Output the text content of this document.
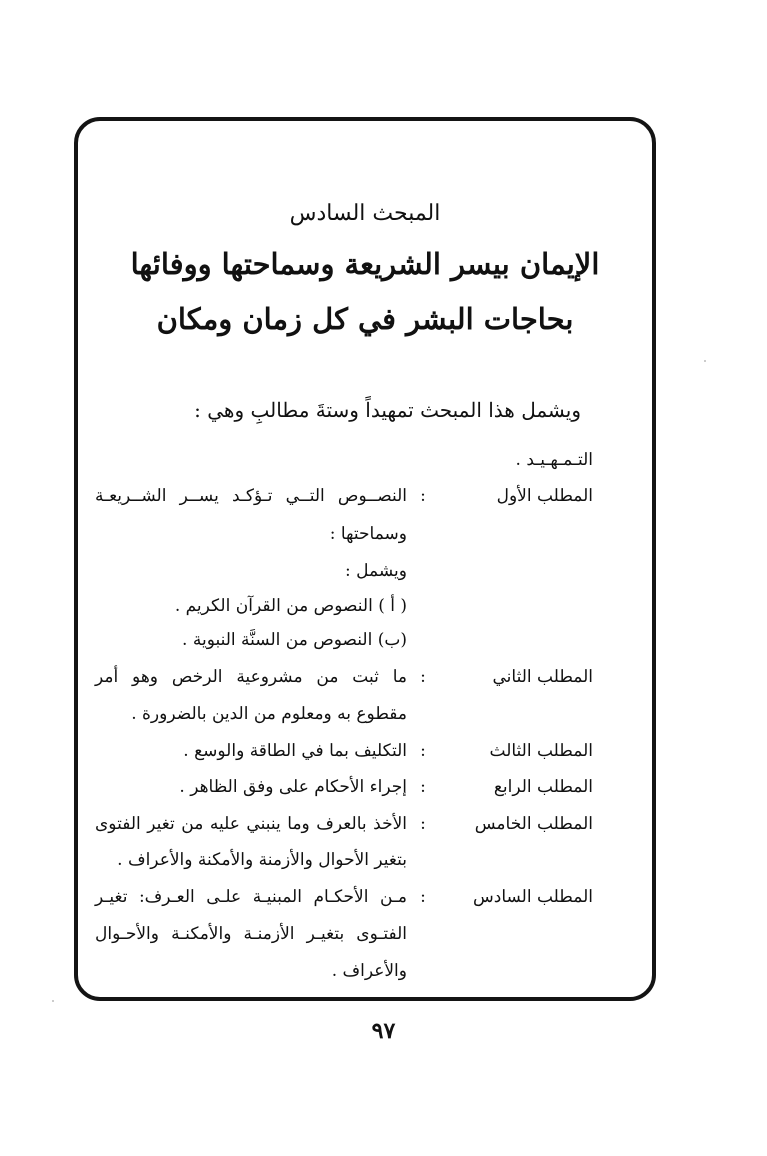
المبحث السادس
الإيمان بيسر الشريعة وسماحتها ووفائها
بحاجات البشر في كل زمان ومكان
ويشمل هذا المبحث تمهيداً وستةَ مطالبِ وهي :
التـمـهـيـد .
المطلب الأول
:
النصــوص التــي تـؤكـد يســر الشــريعـة
وسماحتها :
ويشمل :
( أ ) النصوص من القرآن الكريم .
(ب) النصوص من السنَّة النبوية .
المطلب الثاني
:
ما ثبت من مشروعية الرخص وهو أمر
مقطوع به ومعلوم من الدين بالضرورة .
المطلب الثالث
:
التكليف بما في الطاقة والوسع .
المطلب الرابع
:
إجراء الأحكام على وفق الظاهر .
المطلب الخامس
:
الأخذ بالعرف وما ينبني عليه من تغير الفتوى
بتغير الأحوال والأزمنة والأمكنة والأعراف .
المطلب السادس
:
مـن الأحكـام المبنيـة علـى العـرف: تغيـر
الفتـوى بتغيـر الأزمنـة والأمكنـة والأحـوال
والأعراف .
٩٧
